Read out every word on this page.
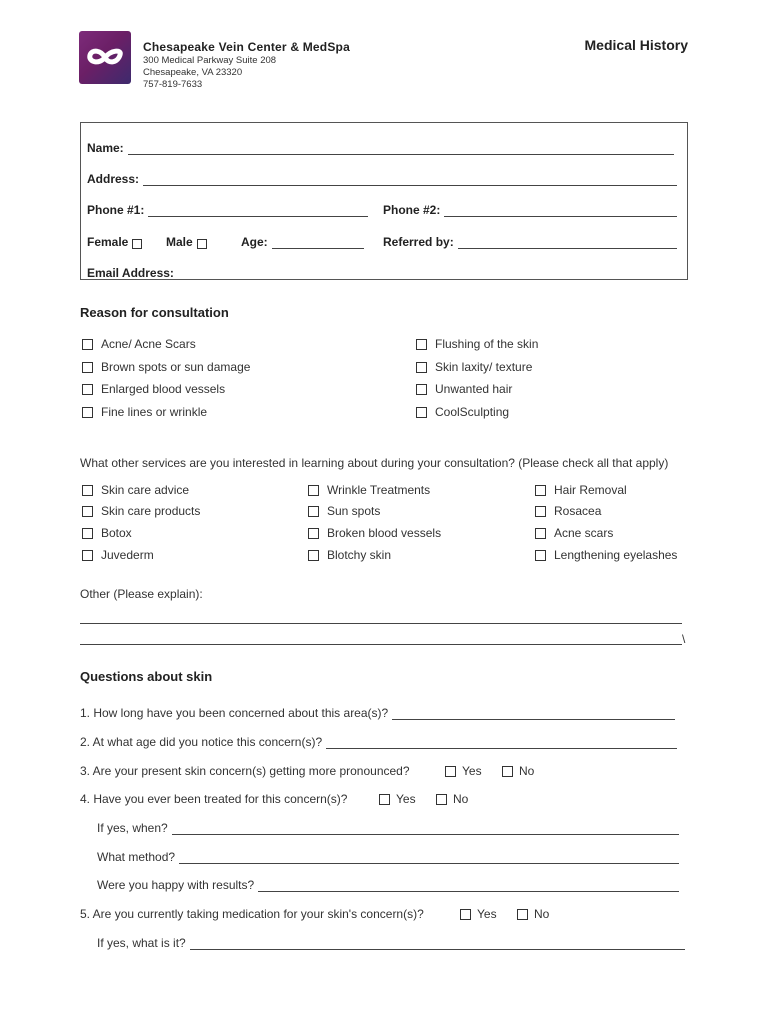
Chesapeake Vein Center & MedSpa
300 Medical Parkway Suite 208
Chesapeake, VA 23320
757-819-7633
Medical History
Name:
Address:
Phone #1:	Phone #2:
Female	Male	Age:	Referred by:
Email Address:
Reason for consultation
Acne/ Acne Scars
Brown spots or sun damage
Enlarged blood vessels
Fine lines or wrinkle
Flushing of the skin
Skin laxity/ texture
Unwanted hair
CoolSculpting
What other services are you interested in learning about during your consultation? (Please check all that apply)
Skin care advice
Skin care products
Botox
Juvederm
Wrinkle Treatments
Sun spots
Broken blood vessels
Blotchy skin
Hair Removal
Rosacea
Acne scars
Lengthening eyelashes
Other (Please explain):
\
Questions about skin
1. How long have you been concerned about this area(s)?
2. At what age did you notice this concern(s)?
3. Are your present skin concern(s) getting more pronounced?	Yes	No
4. Have you ever been treated for this concern(s)?	Yes	No
If yes, when?
What method?
Were you happy with results?
5. Are you currently taking medication for your skin's concern(s)?	Yes	No
If yes, what is it?
